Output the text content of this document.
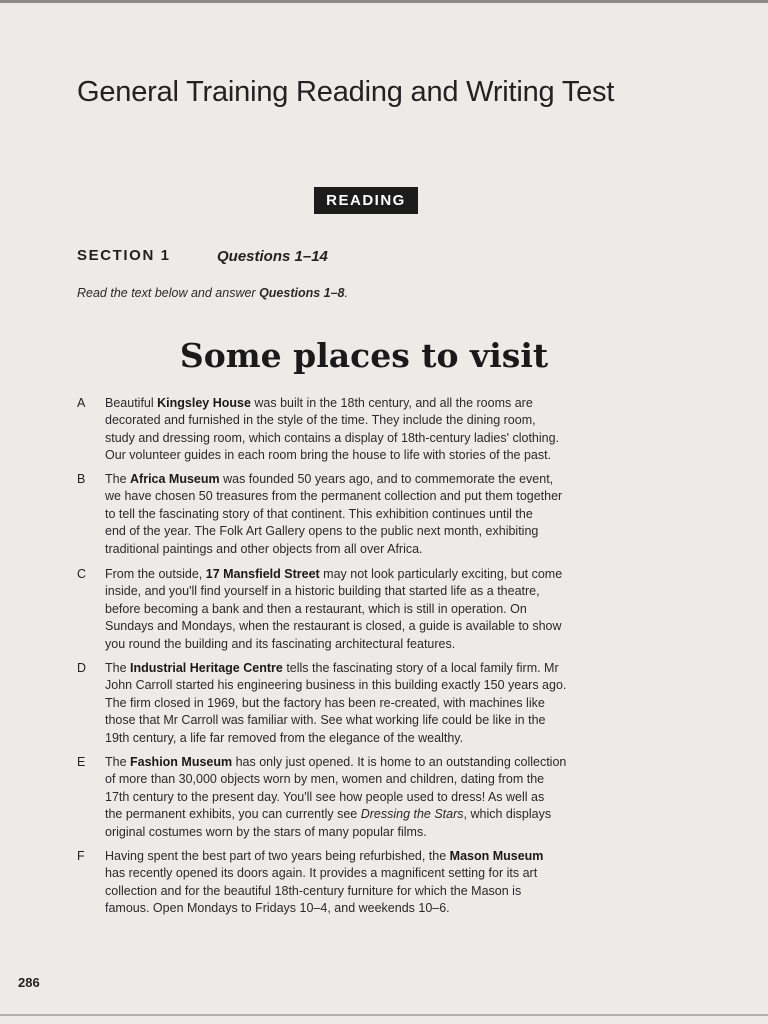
General Training Reading and Writing Test
READING
SECTION 1	Questions 1–14
Read the text below and answer Questions 1–8.
Some places to visit
A Beautiful Kingsley House was built in the 18th century, and all the rooms are
decorated and furnished in the style of the time. They include the dining room,
study and dressing room, which contains a display of 18th-century ladies' clothing.
Our volunteer guides in each room bring the house to life with stories of the past.
B The Africa Museum was founded 50 years ago, and to commemorate the event,
we have chosen 50 treasures from the permanent collection and put them together
to tell the fascinating story of that continent. This exhibition continues until the
end of the year. The Folk Art Gallery opens to the public next month, exhibiting
traditional paintings and other objects from all over Africa.
C From the outside, 17 Mansfield Street may not look particularly exciting, but come
inside, and you'll find yourself in a historic building that started life as a theatre,
before becoming a bank and then a restaurant, which is still in operation. On
Sundays and Mondays, when the restaurant is closed, a guide is available to show
you round the building and its fascinating architectural features.
D The Industrial Heritage Centre tells the fascinating story of a local family firm. Mr
John Carroll started his engineering business in this building exactly 150 years ago.
The firm closed in 1969, but the factory has been re-created, with machines like
those that Mr Carroll was familiar with. See what working life could be like in the
19th century, a life far removed from the elegance of the wealthy.
E The Fashion Museum has only just opened. It is home to an outstanding collection
of more than 30,000 objects worn by men, women and children, dating from the
17th century to the present day. You'll see how people used to dress! As well as
the permanent exhibits, you can currently see Dressing the Stars, which displays
original costumes worn by the stars of many popular films.
F Having spent the best part of two years being refurbished, the Mason Museum
has recently opened its doors again. It provides a magnificent setting for its art
collection and for the beautiful 18th-century furniture for which the Mason is
famous. Open Mondays to Fridays 10–4, and weekends 10–6.
286
